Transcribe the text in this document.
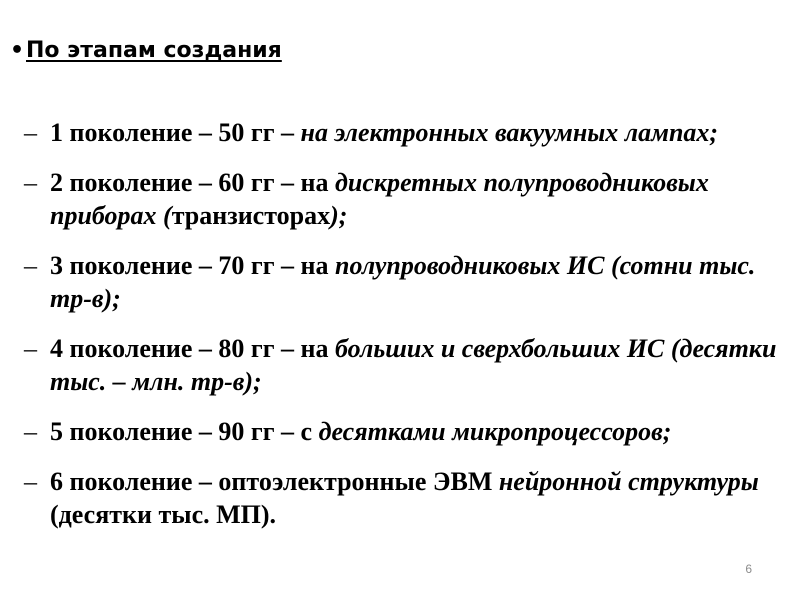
•По этапам создания
– 1 поколение – 50 гг – на электронных вакуумных лампах;
– 2 поколение – 60 гг – на дискретных полупроводниковых приборах (транзисторах);
– 3 поколение – 70 гг – на полупроводниковых ИС (сотни тыс. тр-в);
– 4 поколение – 80 гг – на больших и сверхбольших ИС (десятки тыс. – млн. тр-в);
– 5 поколение – 90 гг – с десятками микропроцессоров;
– 6 поколение – оптоэлектронные ЭВМ нейронной структуры (десятки тыс. МП).
6
